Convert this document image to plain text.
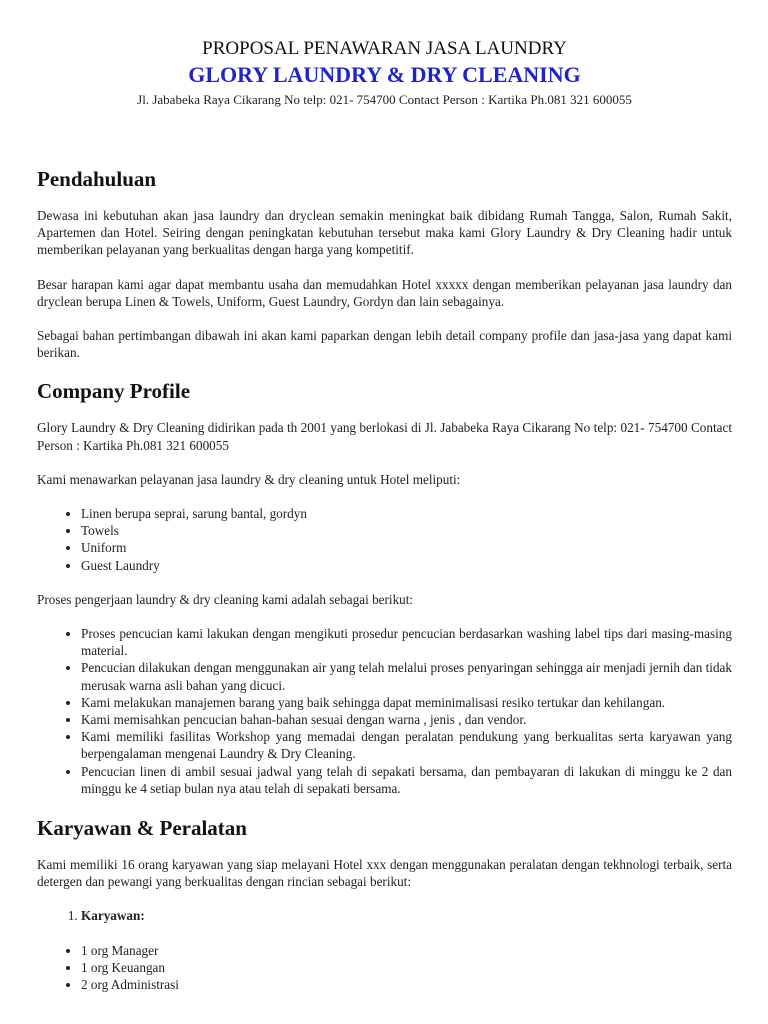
PROPOSAL PENAWARAN JASA LAUNDRY
GLORY LAUNDRY & DRY CLEANING
Jl. Jababeka Raya Cikarang No telp: 021- 754700 Contact Person : Kartika Ph.081 321 600055
Pendahuluan

Dewasa ini kebutuhan akan jasa laundry dan dryclean semakin meningkat baik dibidang Rumah Tangga, Salon, Rumah Sakit, Apartemen dan Hotel. Seiring dengan peningkatan kebutuhan tersebut maka kami Glory Laundry & Dry Cleaning hadir untuk memberikan pelayanan yang berkualitas dengan harga yang kompetitif.

Besar harapan kami agar dapat membantu usaha dan memudahkan Hotel xxxxx dengan memberikan pelayanan jasa laundry dan dryclean berupa Linen & Towels, Uniform, Guest Laundry, Gordyn dan lain sebagainya.

Sebagai bahan pertimbangan dibawah ini akan kami paparkan dengan lebih detail company profile dan jasa-jasa yang dapat kami berikan.

Company Profile

Glory Laundry & Dry Cleaning didirikan pada th 2001 yang berlokasi di Jl. Jababeka Raya Cikarang No telp: 021- 754700 Contact Person : Kartika Ph.081 321 600055

Kami menawarkan pelayanan jasa laundry & dry cleaning untuk Hotel meliputi:

• Linen berupa seprai, sarung bantal, gordyn
• Towels
• Uniform
• Guest Laundry

Proses pengerjaan laundry & dry cleaning kami adalah sebagai berikut:

• Proses pencucian kami lakukan dengan mengikuti prosedur pencucian berdasarkan washing label tips dari masing-masing material.
• Pencucian dilakukan dengan menggunakan air yang telah melalui proses penyaringan sehingga air menjadi jernih dan tidak merusak warna asli bahan yang dicuci.
• Kami melakukan manajemen barang yang baik sehingga dapat meminimalisasi resiko tertukar dan kehilangan.
• Kami memisahkan pencucian bahan-bahan sesuai dengan warna , jenis , dan vendor.
• Kami memiliki fasilitas Workshop yang memadai dengan peralatan pendukung yang berkualitas serta karyawan yang berpengalaman mengenai Laundry & Dry Cleaning.
• Pencucian linen di ambil sesuai jadwal yang telah di sepakati bersama, dan pembayaran di lakukan di minggu ke 2 dan minggu ke 4 setiap bulan nya atau telah di sepakati bersama.
Karyawan & Peralatan

Kami memiliki 16 orang karyawan yang siap melayani Hotel xxx dengan menggunakan peralatan dengan tekhnologi terbaik, serta detergen dan pewangi yang berkualitas dengan rincian sebagai berikut:

1. Karyawan:
• 1 org Manager
• 1 org Keuangan
• 2 org Administrasi
